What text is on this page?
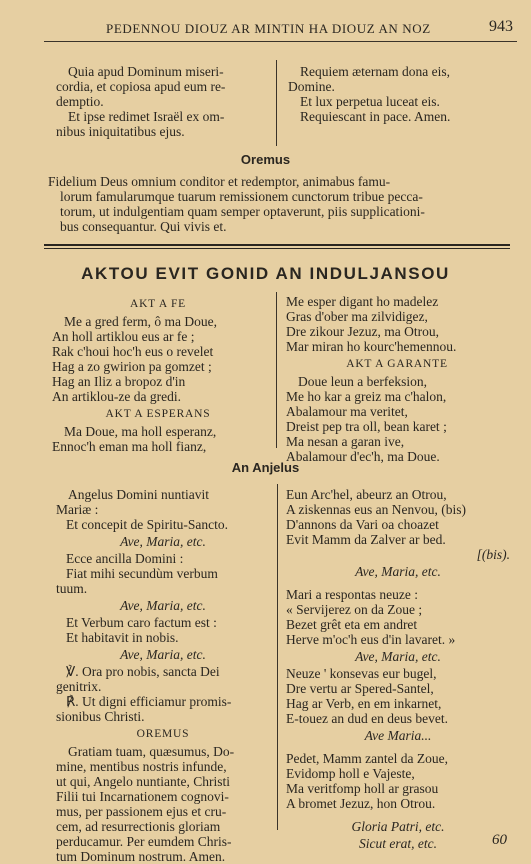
PEDENNOU DIOUZ AR MINTIN HA DIOUZ AN NOZ	943
Quia apud Dominum miseri-
cordia, et copiosa apud eum re-
demptio.
Et ipse redimet Israël ex om-
nibus iniquitatibus ejus.
Requiem æternam dona eis,
Domine.
Et lux perpetua luceat eis.
Requiescant in pace. Amen.
Oremus
Fidelium Deus omnium conditor et redemptor, animabus famu-
lorum famularumque tuarum remissionem cunctorum tribue pecca-
torum, ut indulgentiam quam semper optaverunt, piis supplicationi-
bus consequantur. Qui vivis et.
AKTOU EVIT GONID AN INDULJANSOU
AKT A FE
Me a gred ferm, ô ma Doue,
An holl artiklou eus ar fe ;
Rak c'houi hoc'h eus o revelet
Hag a zo gwirion pa gomzet ;
Hag an Iliz a bropoz d'in
An artiklou-ze da gredi.
AKT A ESPERANS
Ma Doue, ma holl esperanz,
Ennoc'h eman ma holl fianz,
Me esper digant ho madelez
Gras d'ober ma zilvidigez,
Dre zikour Jezuz, ma Otrou,
Mar miran ho kourc'hemennou.
AKT A GARANTE
Doue leun a berfeksion,
Me ho kar a greiz ma c'halon,
Abalamour ma veritet,
Dreist pep tra oll, bean karet ;
Ma nesan a garan ive,
Abalamour d'ec'h, ma Doue.
An Anjelus
Angelus Domini nuntiavit
Mariæ :
Et concepit de Spiritu-Sancto.
Ave, Maria, etc.
Ecce ancilla Domini :
Fiat mihi secundùm verbum
tuum.
Ave, Maria, etc.
Et Verbum caro factum est :
Et habitavit in nobis.
Ave, Maria, etc.
℣. Ora pro nobis, sancta Dei
genitrix.
℟. Ut digni efficiamur promis-
sionibus Christi.
OREMUS
Gratiam tuam, quæsumus, Do-
mine, mentibus nostris infunde,
ut qui, Angelo nuntiante, Christi
Filii tui Incarnationem cognovi-
mus, per passionem ejus et cru-
cem, ad resurrectionis gloriam
perducamur. Per eumdem Chris-
tum Dominum nostrum. Amen.
Eun Arc'hel, abeurz an Otrou,
A ziskennas eus an Nenvou, (bis)
D'annons da Vari oa choazet
Evit Mamm da Zalver ar bed.
[(bis).
Ave, Maria, etc.
Mari a respontas neuze :
« Servijerez on da Zoue ;
Bezet grêt eta em andret
Herve m'oc'h eus d'in lavaret. »
Ave, Maria, etc.
Neuze ' konsevas eur bugel,
Dre vertu ar Spered-Santel,
Hag ar Verb, en em inkarnet,
E-touez an dud en deus bevet.
Ave Maria...
Pedet, Mamm zantel da Zoue,
Evidomp holl e Vajeste,
Ma veritfomp holl ar grasou
A bromet Jezuz, hon Otrou.
Gloria Patri, etc.
Sicut erat, etc.	60
